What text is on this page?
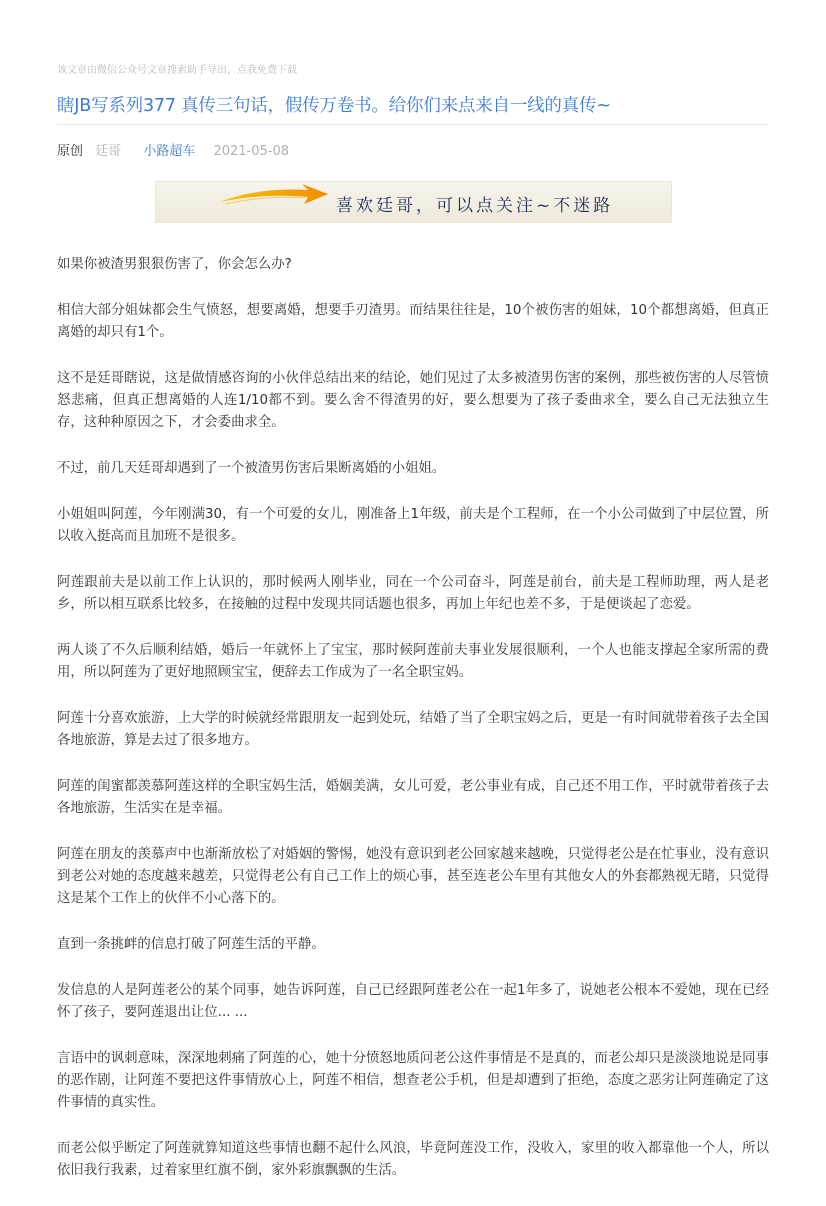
该文章由微信公众号文章搜索助手导出，点我免费下载
瞎JB写系列377 真传三句话，假传万卷书。给你们来点来自一线的真传~
原创 廷哥 小路超车 2021-05-08
喜欢廷哥，可以点关注~不迷路

如果你被渣男狠狠伤害了，你会怎么办?

相信大部分姐妹都会生气愤怒，想要离婚，想要手刃渣男。而结果往往是，10个被伤害的姐妹，10个都想离婚，但真正离婚的却只有1个。

这不是廷哥瞎说，这是做情感咨询的小伙伴总结出来的结论，她们见过了太多被渣男伤害的案例，那些被伤害的人尽管愤怒悲痛，但真正想离婚的人连1/10都不到。要么舍不得渣男的好，要么想要为了孩子委曲求全，要么自己无法独立生存，这种种原因之下，才会委曲求全。

不过，前几天廷哥却遇到了一个被渣男伤害后果断离婚的小姐姐。

小姐姐叫阿莲，今年刚满30，有一个可爱的女儿，刚准备上1年级，前夫是个工程师，在一个小公司做到了中层位置，所以收入挺高而且加班不是很多。

阿莲跟前夫是以前工作上认识的，那时候两人刚毕业，同在一个公司奋斗，阿莲是前台，前夫是工程师助理，两人是老乡，所以相互联系比较多，在接触的过程中发现共同话题也很多，再加上年纪也差不多，于是便谈起了恋爱。

两人谈了不久后顺利结婚，婚后一年就怀上了宝宝，那时候阿莲前夫事业发展很顺利，一个人也能支撑起全家所需的费用，所以阿莲为了更好地照顾宝宝，便辞去工作成为了一名全职宝妈。

阿莲十分喜欢旅游，上大学的时候就经常跟朋友一起到处玩，结婚了当了全职宝妈之后，更是一有时间就带着孩子去全国各地旅游，算是去过了很多地方。

阿莲的闺蜜都羡慕阿莲这样的全职宝妈生活，婚姻美满，女儿可爱，老公事业有成，自己还不用工作，平时就带着孩子去各地旅游，生活实在是幸福。

阿莲在朋友的羡慕声中也渐渐放松了对婚姻的警惕，她没有意识到老公回家越来越晚，只觉得老公是在忙事业，没有意识到老公对她的态度越来越差，只觉得老公有自己工作上的烦心事，甚至连老公车里有其他女人的外套都熟视无睹，只觉得这是某个工作上的伙伴不小心落下的。

直到一条挑衅的信息打破了阿莲生活的平静。

发信息的人是阿莲老公的某个同事，她告诉阿莲，自己已经跟阿莲老公在一起1年多了，说她老公根本不爱她，现在已经怀了孩子，要阿莲退出让位... ...

言语中的讽刺意味，深深地刺痛了阿莲的心，她十分愤怒地质问老公这件事情是不是真的，而老公却只是淡淡地说是同事的恶作剧，让阿莲不要把这件事情放心上，阿莲不相信，想查老公手机，但是却遭到了拒绝，态度之恶劣让阿莲确定了这件事情的真实性。

而老公似乎断定了阿莲就算知道这些事情也翻不起什么风浪，毕竟阿莲没工作，没收入，家里的收入都靠他一个人，所以依旧我行我素，过着家里红旗不倒，家外彩旗飘飘的生活。
